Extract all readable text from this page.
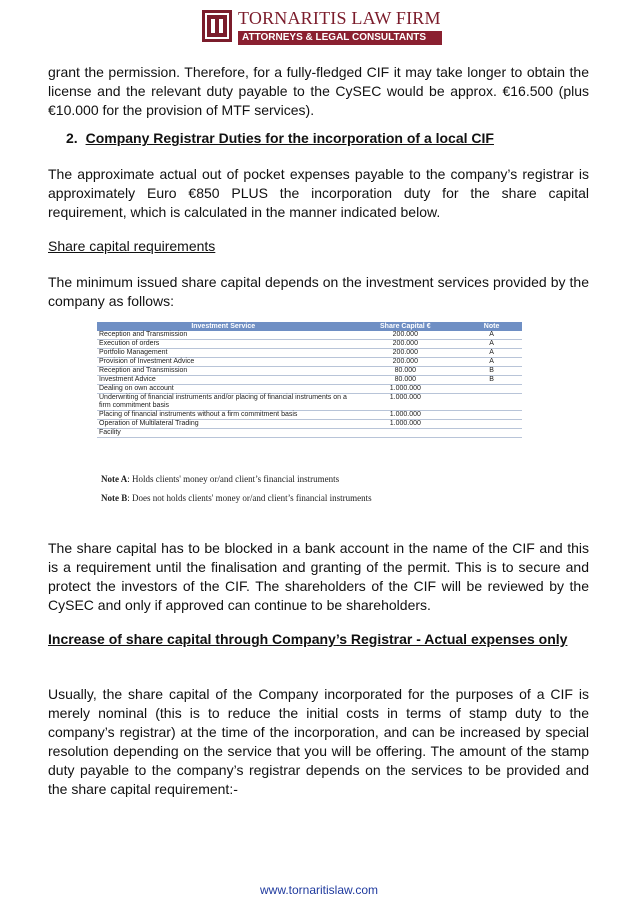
TORNARITIS LAW FIRM
ATTORNEYS & LEGAL CONSULTANTS

grant the permission. Therefore, for a fully-fledged CIF it may take longer to obtain the license and the relevant duty payable to the CySEC would be approx. €16.500 (plus €10.000 for the provision of MTF services).

2. Company Registrar Duties for the incorporation of a local CIF

The approximate actual out of pocket expenses payable to the company’s registrar is approximately Euro €850 PLUS the incorporation duty for the share capital requirement, which is calculated in the manner indicated below.

Share capital requirements

The minimum issued share capital depends on the investment services provided by the company as follows:

The share capital has to be blocked in a bank account in the name of the CIF and this is a requirement until the finalisation and granting of the permit. This is to secure and protect the investors of the CIF. The shareholders of the CIF will be reviewed by the CySEC and only if approved can continue to be shareholders.

Increase of share capital through Company’s Registrar - Actual expenses only

Usually, the share capital of the Company incorporated for the purposes of a CIF is merely nominal (this is to reduce the initial costs in terms of stamp duty to the company’s registrar) at the time of the incorporation, and can be increased by special resolution depending on the service that you will be offering. The amount of the stamp duty payable to the company’s registrar depends on the services to be provided and the share capital requirement:-

Investment Service	Share Capital €	Note
Reception and Transmission	200.000	A
Execution of orders	200.000	A
Portfolio Management	200.000	A
Provision of Investment Advice	200.000	A
Reception and Transmission	80.000	B
Investment Advice	80.000	B
Dealing on own account	1.000.000	
Underwriting of financial instruments and/or placing of financial instruments on a firm commitment basis	1.000.000	
Placing of financial instruments without a firm commitment basis	1.000.000	
Operation of Multilateral Trading	1.000.000	
Facility		
Note A: Holds clients' money or/and client’s financial instruments
Note B: Does not holds clients' money or/and client’s financial instruments
www.tornaritislaw.com
